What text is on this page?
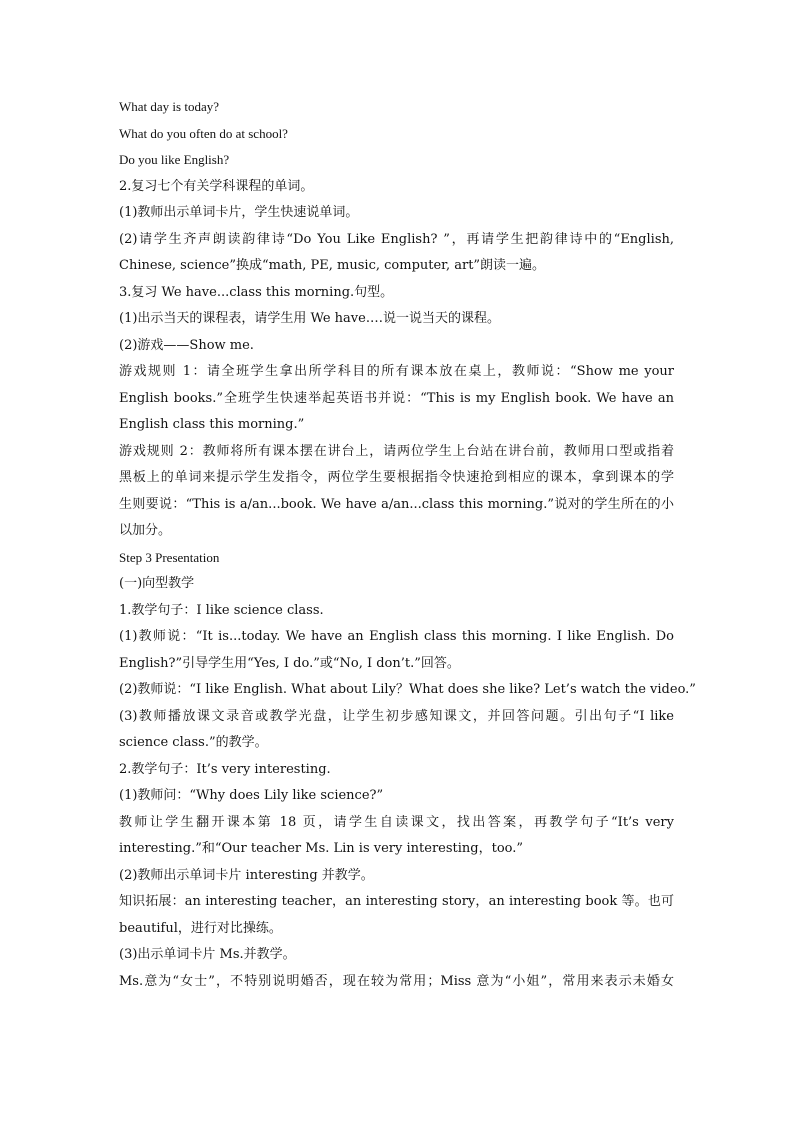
What day is today?
What do you often do at school?
Do you like English?
2.复习七个有关学科课程的单词。
(1)教师出示单词卡片，学生快速说单词。
(2)请学生齐声朗读韵律诗“Do You Like English? ”，再请学生把韵律诗中的“English,
Chinese, science”换成“math, PE, music, computer, art”朗读一遍。
3.复习 We have...class this morning.句型。
(1)出示当天的课程表，请学生用 We have.…说一说当天的课程。
(2)游戏——Show me.
游戏规则 1：请全班学生拿出所学科目的所有课本放在桌上，教师说：“Show me your
English books.”全班学生快速举起英语书并说：“This is my English book. We have an
English class this morning.”
游戏规则 2：教师将所有课本摆在讲台上，请两位学生上台站在讲台前，教师用口型或指着
黑板上的单词来提示学生发指令，两位学生要根据指令快速抢到相应的课本，拿到课本的学
生则要说：“This is a/an...book. We have a/an...class this morning.”说对的学生所在的小
以加分。
Step 3 Presentation
(一)向型教学
1.教学句子：I like science class.
(1)教师说：“It is...today. We have an English class this morning. I like English. Do
English?”引导学生用“Yes, I do.”或“No, I don’t.”回答。
(2)教师说：“I like English. What about Lily？What does she like? Let’s watch the video.”
(3)教师播放课文录音或教学光盘，让学生初步感知课文，并回答问题。引出句子“I like
science class.”的教学。
2.教学句子：It’s very interesting.
(1)教师问：“Why does Lily like science?”
教师让学生翻开课本第 18 页，请学生自读课文，找出答案，再教学句子“It’s very
interesting.”和“Our teacher Ms. Lin is very interesting，too.”
(2)教师出示单词卡片 interesting 并教学。
知识拓展：an interesting teacher，an interesting story，an interesting book 等。也可
beautiful，进行对比操练。
(3)出示单词卡片 Ms.并教学。
Ms.意为“女士”，不特别说明婚否，现在较为常用；Miss 意为“小姐”，常用来表示未婚女
